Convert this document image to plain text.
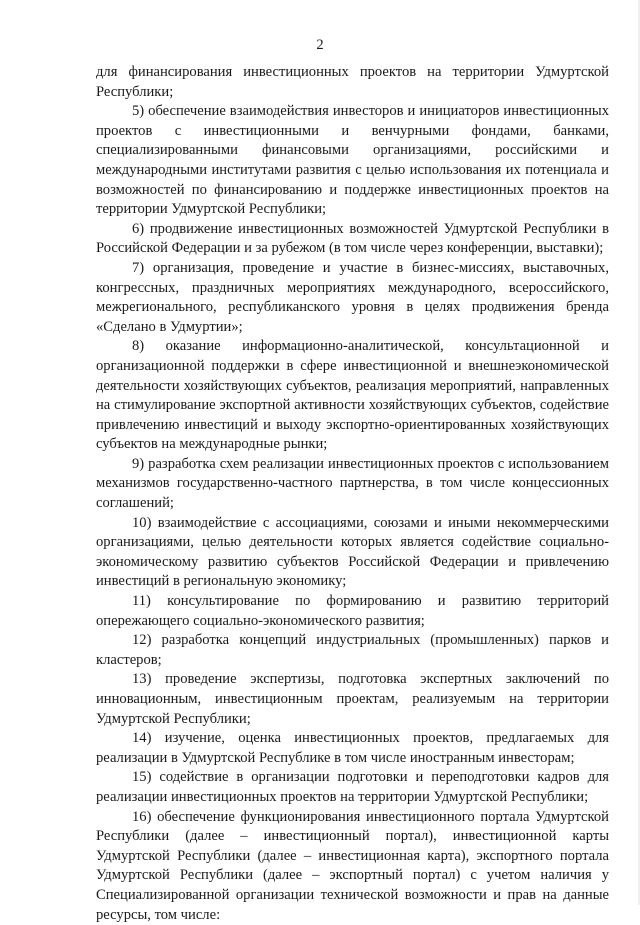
2

для финансирования инвестиционных проектов на территории Удмуртской Республики;

5) обеспечение взаимодействия инвесторов и инициаторов инвестиционных проектов с инвестиционными и венчурными фондами, банками, специализированными финансовыми организациями, российскими и международными институтами развития с целью использования их потенциала и возможностей по финансированию и поддержке инвестиционных проектов на территории Удмуртской Республики;

6) продвижение инвестиционных возможностей Удмуртской Республики в Российской Федерации и за рубежом (в том числе через конференции, выставки);

7) организация, проведение и участие в бизнес-миссиях, выставочных, конгрессных, праздничных мероприятиях международного, всероссийского, межрегионального, республиканского уровня в целях продвижения бренда «Сделано в Удмуртии»;

8) оказание информационно-аналитической, консультационной и организационной поддержки в сфере инвестиционной и внешнеэкономической деятельности хозяйствующих субъектов, реализация мероприятий, направленных на стимулирование экспортной активности хозяйствующих субъектов, содействие привлечению инвестиций и выходу экспортно-ориентированных хозяйствующих субъектов на международные рынки;

9) разработка схем реализации инвестиционных проектов с использованием механизмов государственно-частного партнерства, в том числе концессионных соглашений;

10) взаимодействие с ассоциациями, союзами и иными некоммерческими организациями, целью деятельности которых является содействие социально-экономическому развитию субъектов Российской Федерации и привлечению инвестиций в региональную экономику;

11) консультирование по формированию и развитию территорий опережающего социально-экономического развития;

12) разработка концепций индустриальных (промышленных) парков и кластеров;

13) проведение экспертизы, подготовка экспертных заключений по инновационным, инвестиционным проектам, реализуемым на территории Удмуртской Республики;

14) изучение, оценка инвестиционных проектов, предлагаемых для реализации в Удмуртской Республике в том числе иностранным инвесторам;

15) содействие в организации подготовки и переподготовки кадров для реализации инвестиционных проектов на территории Удмуртской Республики;

16) обеспечение функционирования инвестиционного портала Удмуртской Республики (далее – инвестиционный портал), инвестиционной карты Удмуртской Республики (далее – инвестиционная карта), экспортного портала Удмуртской Республики (далее – экспортный портал) с учетом наличия у Специализированной организации технической возможности и прав на данные ресурсы, том числе:
